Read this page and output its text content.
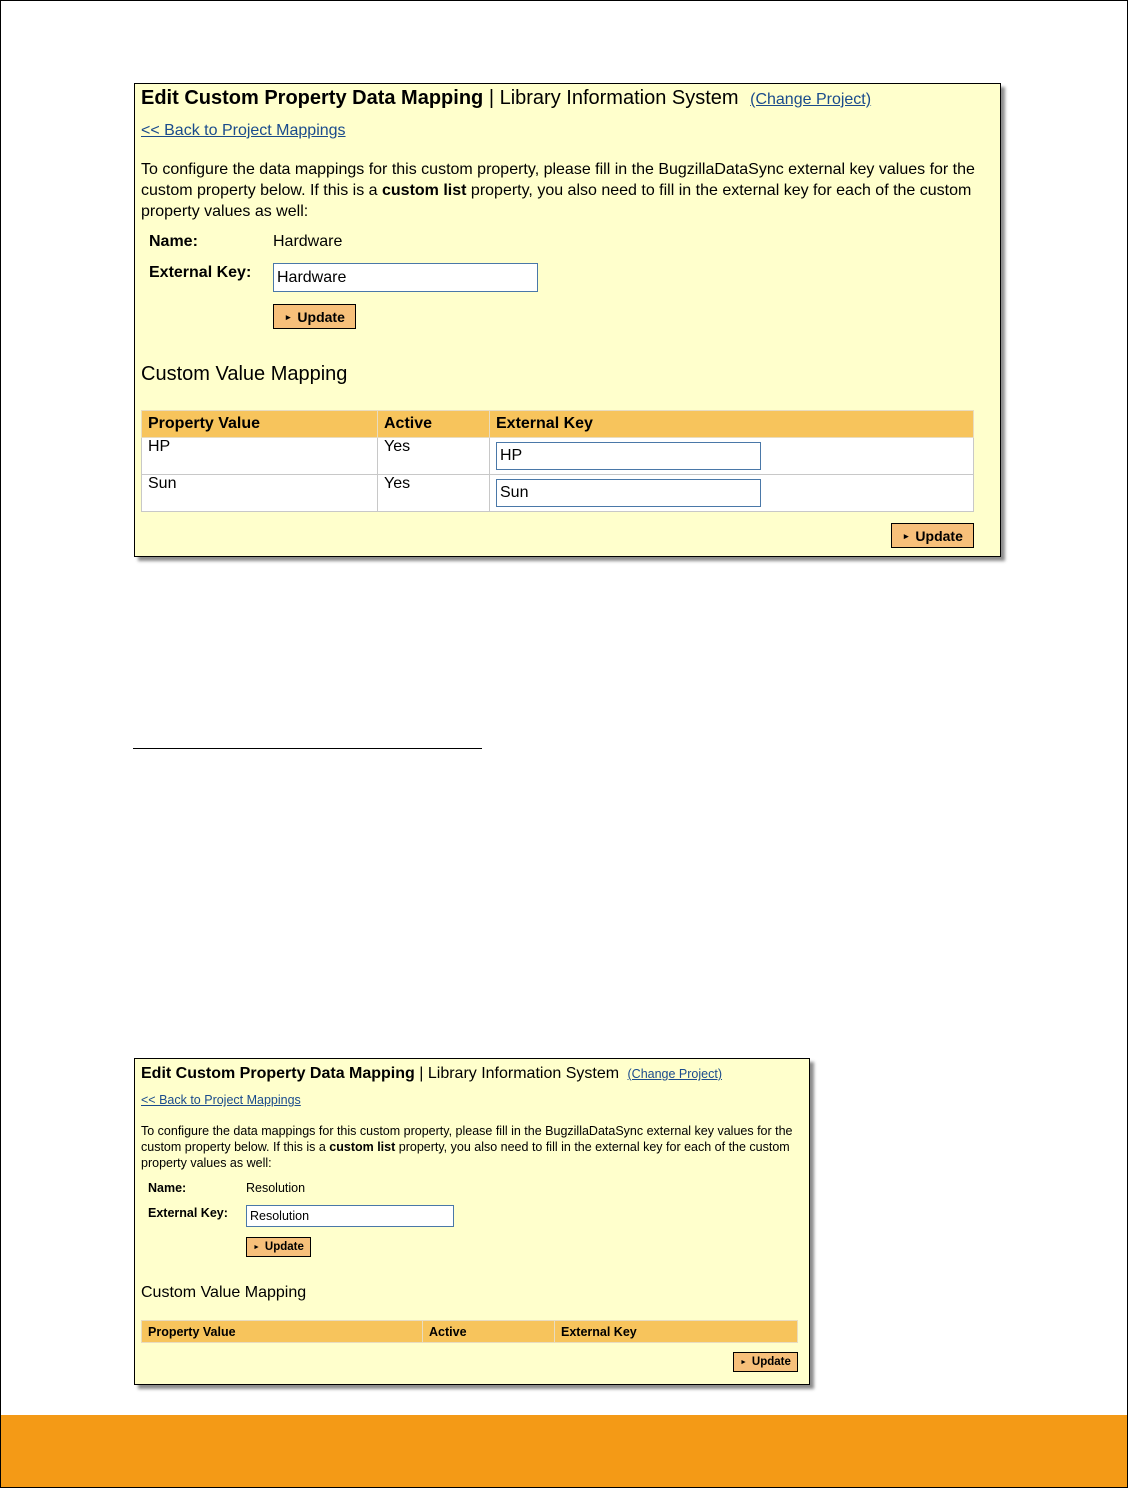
Edit Custom Property Data Mapping | Library Information System (Change Project)
<< Back to Project Mappings
To configure the data mappings for this custom property, please fill in the BugzillaDataSync external key values for the custom property below. If this is a custom list property, you also need to fill in the external key for each of the custom property values as well:
Name:	Hardware
External Key: Hardware
► Update
Custom Value Mapping
Property Value	Active	External Key
HP	Yes	HP

Sun	Yes	Sun
► Update
Edit Custom Property Data Mapping | Library Information System (Change Project)
<< Back to Project Mappings
To configure the data mappings for this custom property, please fill in the BugzillaDataSync external key values for the custom property below. If this is a custom list property, you also need to fill in the external key for each of the custom property values as well:
Name:	Resolution
External Key:	Resolution
► Update
Custom Value Mapping
Property Value	Active	External Key
► Update
